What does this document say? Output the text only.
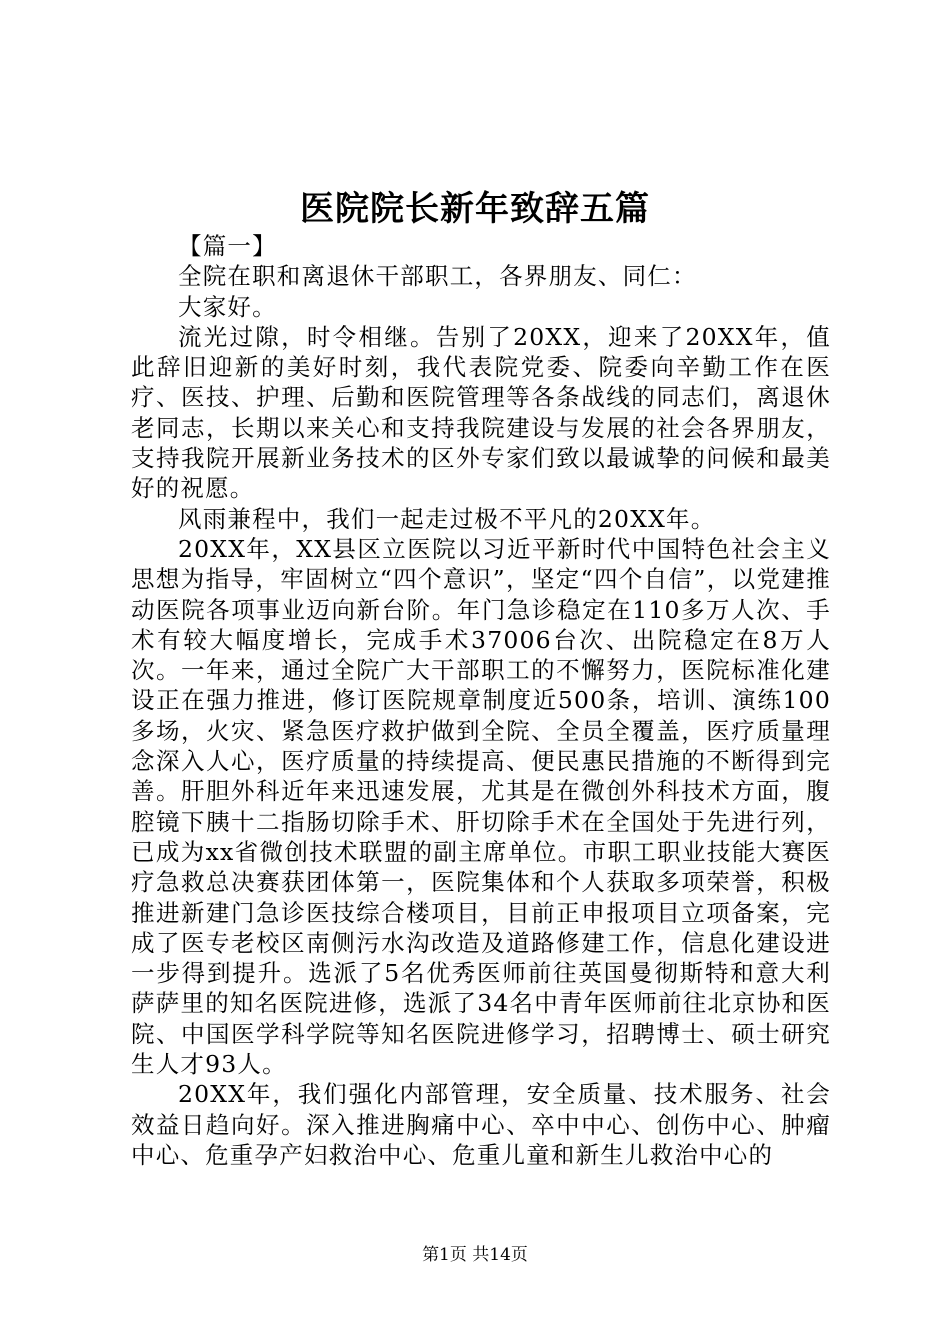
医院院长新年致辞五篇

【篇一】

全院在职和离退休干部职工，各界朋友、同仁：

大家好。

流光过隙，时令相继。告别了20XX，迎来了20XX年，值此辞旧迎新的美好时刻，我代表院党委、院委向辛勤工作在医疗、医技、护理、后勤和医院管理等各条战线的同志们，离退休老同志，长期以来关心和支持我院建设与发展的社会各界朋友，支持我院开展新业务技术的区外专家们致以最诚挚的问候和最美好的祝愿。

风雨兼程中，我们一起走过极不平凡的20XX年。

20XX年，XX县区立医院以习近平新时代中国特色社会主义思想为指导，牢固树立“四个意识”，坚定“四个自信”，以党建推动医院各项事业迈向新台阶。年门急诊稳定在110多万人次、手术有较大幅度增长，完成手术37006台次、出院稳定在8万人次。一年来，通过全院广大干部职工的不懈努力，医院标准化建设正在强力推进，修订医院规章制度近500条，培训、演练100多场，火灾、紧急医疗救护做到全院、全员全覆盖，医疗质量理念深入人心，医疗质量的持续提高、便民惠民措施的不断得到完善。肝胆外科近年来迅速发展，尤其是在微创外科技术方面，腹腔镜下胰十二指肠切除手术、肝切除手术在全国处于先进行列，已成为xx省微创技术联盟的副主席单位。市职工职业技能大赛医疗急救总决赛获团体第一，医院集体和个人获取多项荣誉，积极推进新建门急诊医技综合楼项目，目前正申报项目立项备案，完成了医专老校区南侧污水沟改造及道路修建工作，信息化建设进一步得到提升。选派了5名优秀医师前往英国曼彻斯特和意大利萨萨里的知名医院进修，选派了34名中青年医师前往北京协和医院、中国医学科学院等知名医院进修学习，招聘博士、硕士研究生人才93人。

20XX年，我们强化内部管理，安全质量、技术服务、社会效益日趋向好。深入推进胸痛中心、卒中中心、创伤中心、肿瘤中心、危重孕产妇救治中心、危重儿童和新生儿救治中心的

第1页 共14页
